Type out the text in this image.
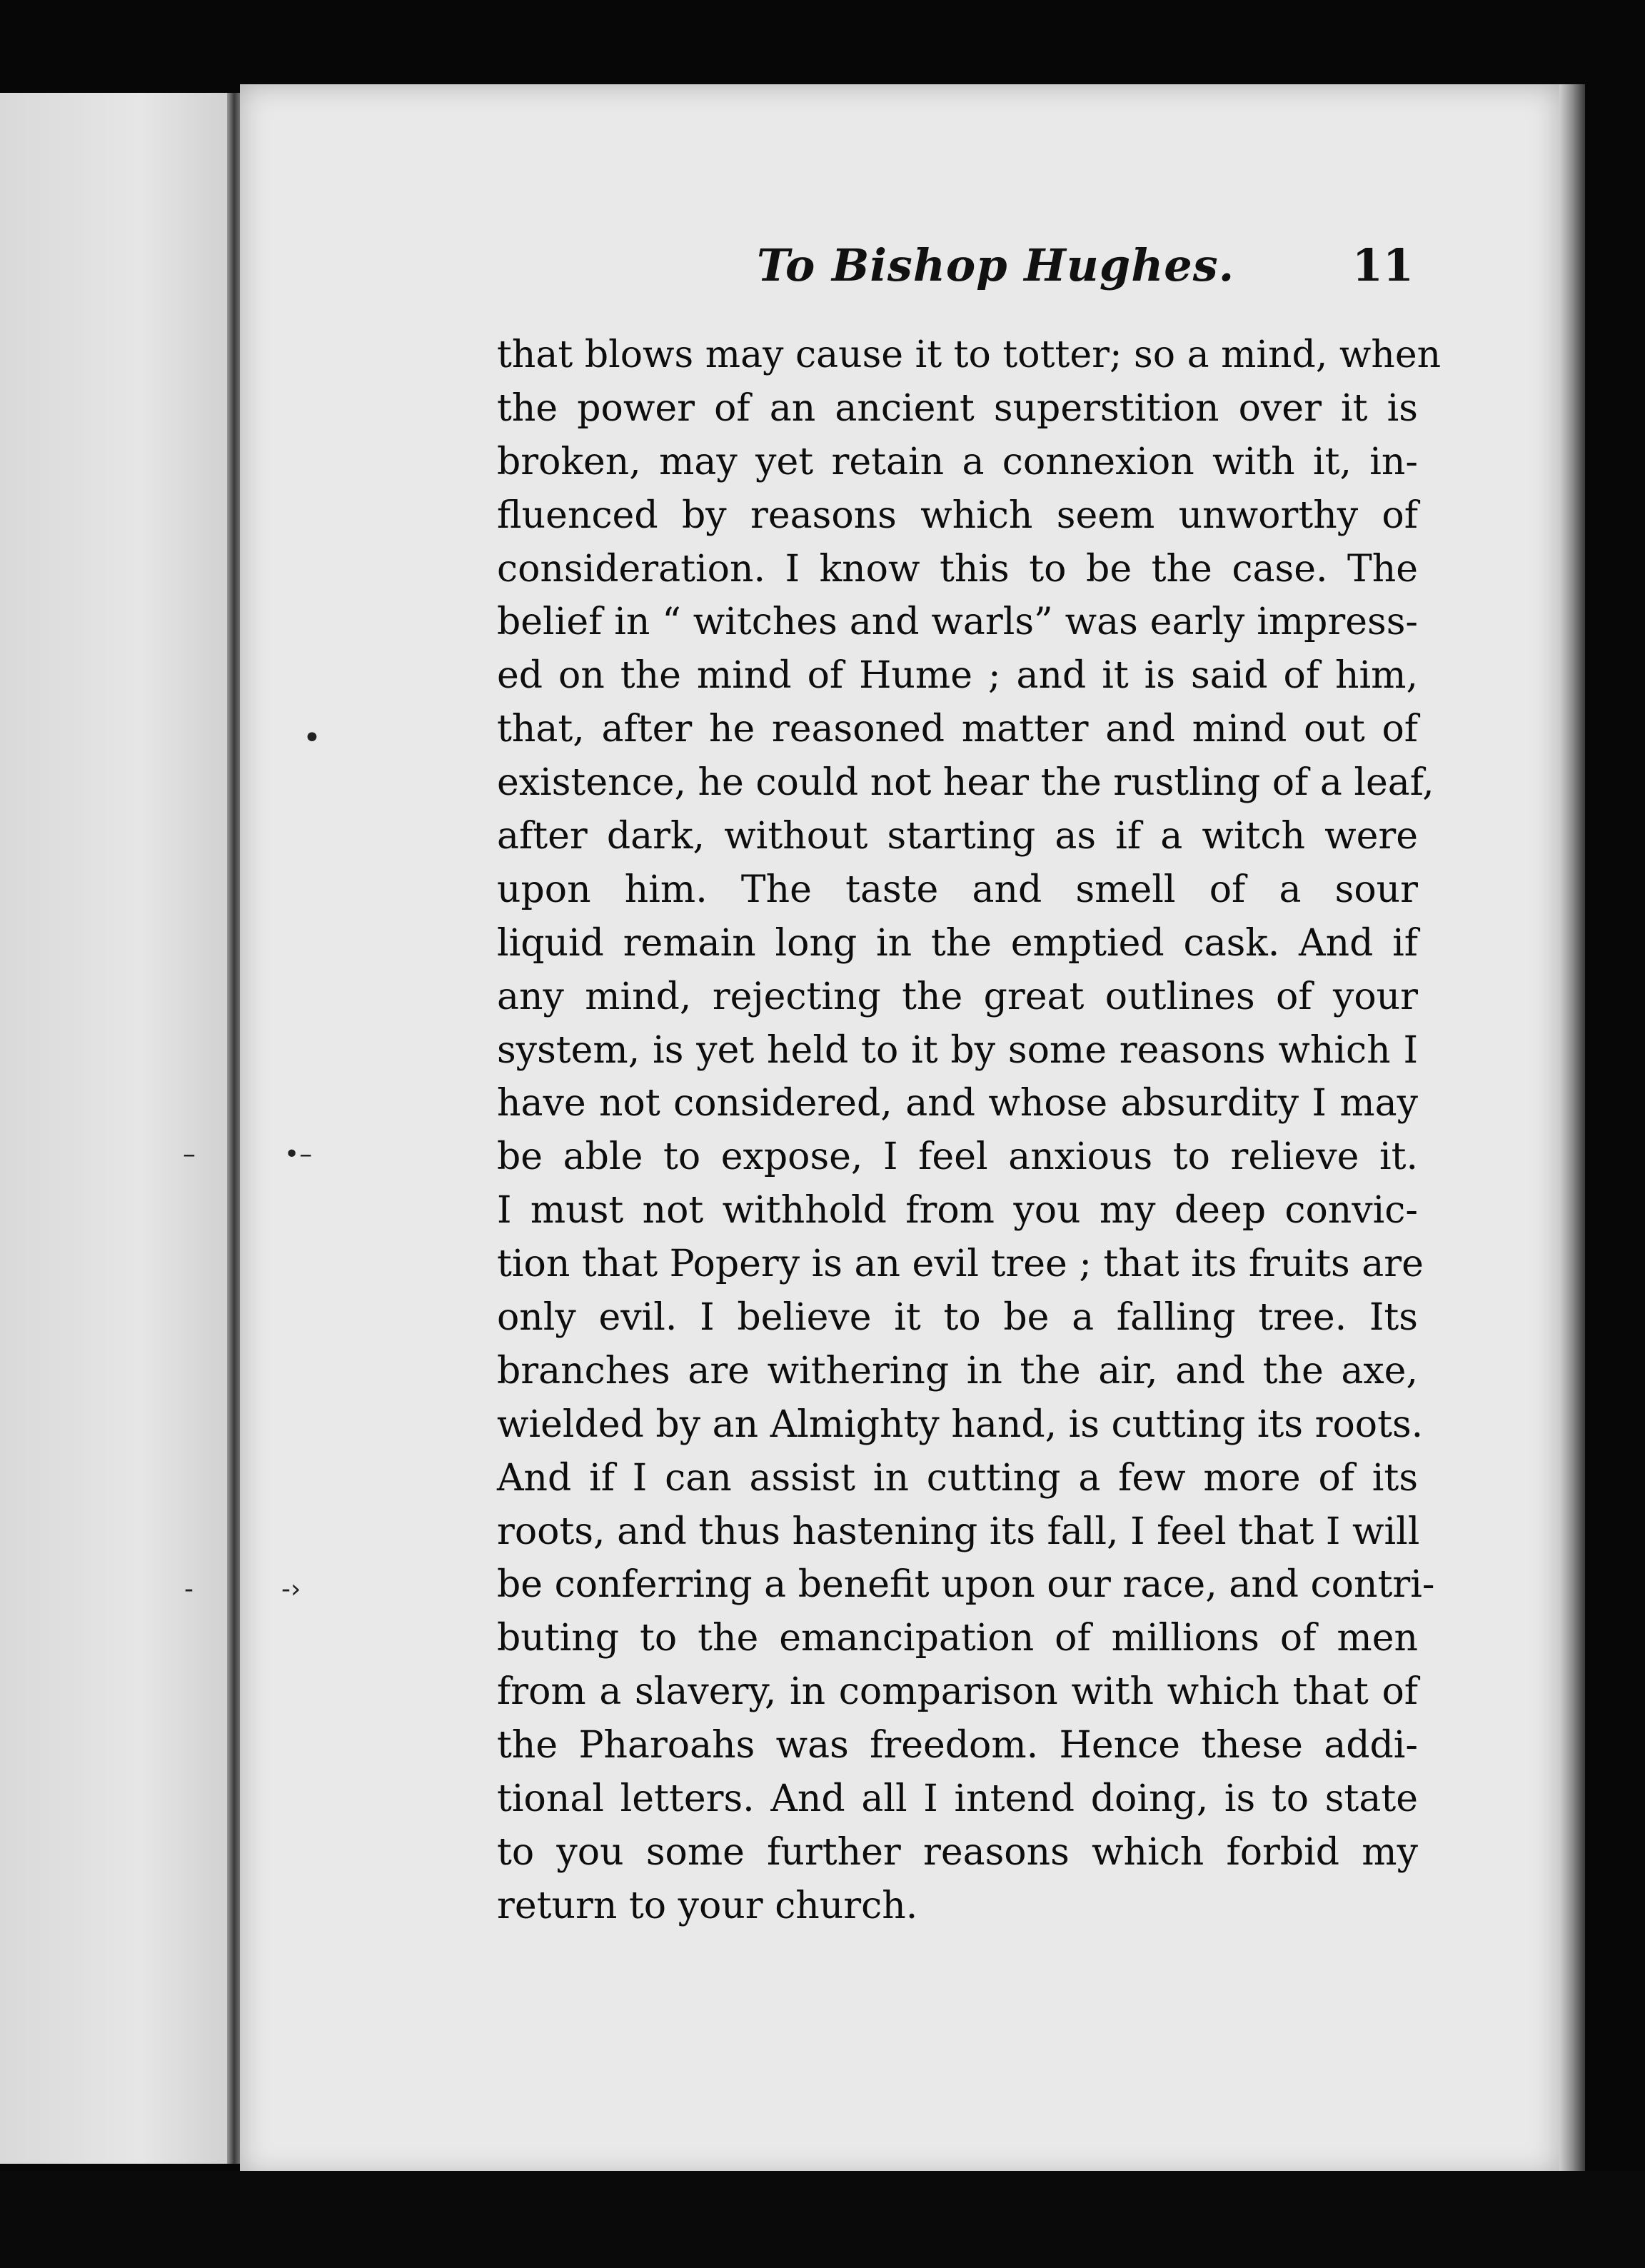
•
•–
‐›
–
‐
To Bishop Hughes.	11
that blows may cause it to totter; so a mind, when
the power of an ancient superstition over it is
broken, may yet retain a connexion with it, in-
fluenced by reasons which seem unworthy of
consideration. I know this to be the case. The
belief in “ witches and warls” was early impress-
ed on the mind of Hume ; and it is said of him,
that, after he reasoned matter and mind out of
existence, he could not hear the rustling of a leaf,
after dark, without starting as if a witch were
upon him. The taste and smell of a sour
liquid remain long in the emptied cask. And if
any mind, rejecting the great outlines of your
system, is yet held to it by some reasons which I
have not considered, and whose absurdity I may
be able to expose, I feel anxious to relieve it.
I must not withhold from you my deep convic-
tion that Popery is an evil tree ; that its fruits are
only evil. I believe it to be a falling tree. Its
branches are withering in the air, and the axe,
wielded by an Almighty hand, is cutting its roots.
And if I can assist in cutting a few more of its
roots, and thus hastening its fall, I feel that I will
be conferring a benefit upon our race, and contri-
buting to the emancipation of millions of men
from a slavery, in comparison with which that of
the Pharoahs was freedom. Hence these addi-
tional letters. And all I intend doing, is to state
to you some further reasons which forbid my
return to your church.
